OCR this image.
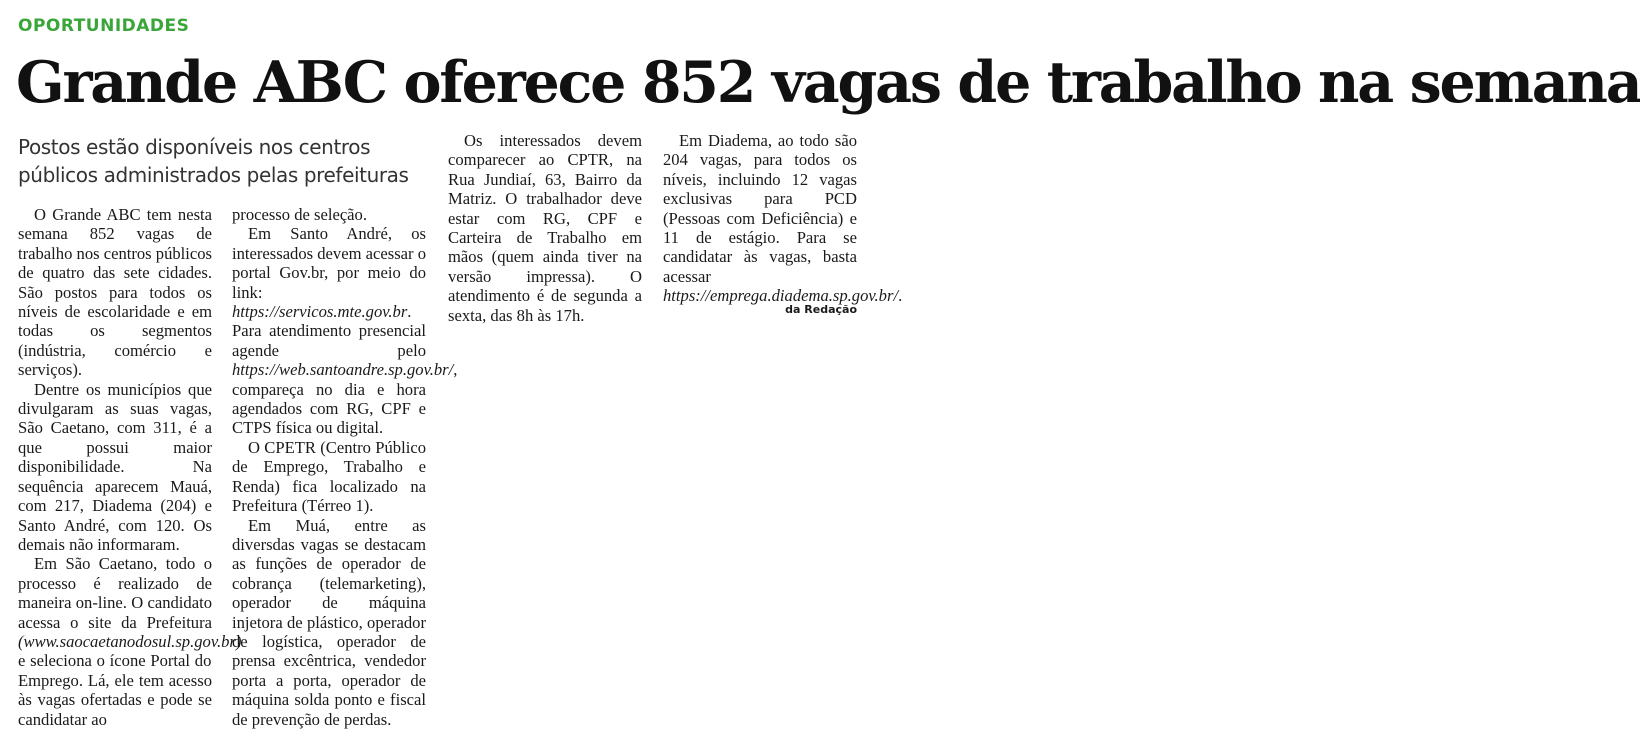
OPORTUNIDADES
Grande ABC oferece 852 vagas de trabalho na semana
Postos estão disponíveis nos centros públicos administrados pelas prefeituras

O Grande ABC tem nesta semana 852 vagas de trabalho nos centros públicos de quatro das sete cidades. São postos para todos os níveis de escolaridade e em todas os segmentos (indústria, comércio e serviços).

Dentre os municípios que divulgaram as suas vagas, São Caetano, com 311, é a que possui maior disponibilidade. Na sequência aparecem Mauá, com 217, Diadema (204) e Santo André, com 120. Os demais não informaram.

Em São Caetano, todo o processo é realizado de maneira on-line. O candidato acessa o site da Prefeitura (www.saocaetanodosul.sp.gov.br) e seleciona o ícone Portal do Emprego. Lá, ele tem acesso às vagas ofertadas e pode se candidatar ao

processo de seleção.

Em Santo André, os interessados devem acessar o portal Gov.br, por meio do link: https://servicos.mte.gov.br. Para atendimento presencial agende pelo https://web.santoandre.sp.gov.br/, compareça no dia e hora agendados com RG, CPF e CTPS física ou digital.

O CPETR (Centro Público de Emprego, Trabalho e Renda) fica localizado na Prefeitura (Térreo 1).

Em Muá, entre as diversdas vagas se destacam as funções de operador de cobrança (telemarketing), operador de máquina injetora de plástico, operador de logística, operador de prensa excêntrica, vendedor porta a porta, operador de máquina solda ponto e fiscal de prevenção de perdas.

Os interessados devem comparecer ao CPTR, na Rua Jundiaí, 63, Bairro da Matriz. O trabalhador deve estar com RG, CPF e Carteira de Trabalho em mãos (quem ainda tiver na versão impressa). O atendimento é de segunda a sexta, das 8h às 17h.

Em Diadema, ao todo são 204 vagas, para todos os níveis, incluindo 12 vagas exclusivas para PCD (Pessoas com Deficiência) e 11 de estágio. Para se candidatar às vagas, basta acessar https://emprega.diadema.sp.gov.br/.

da Redação
